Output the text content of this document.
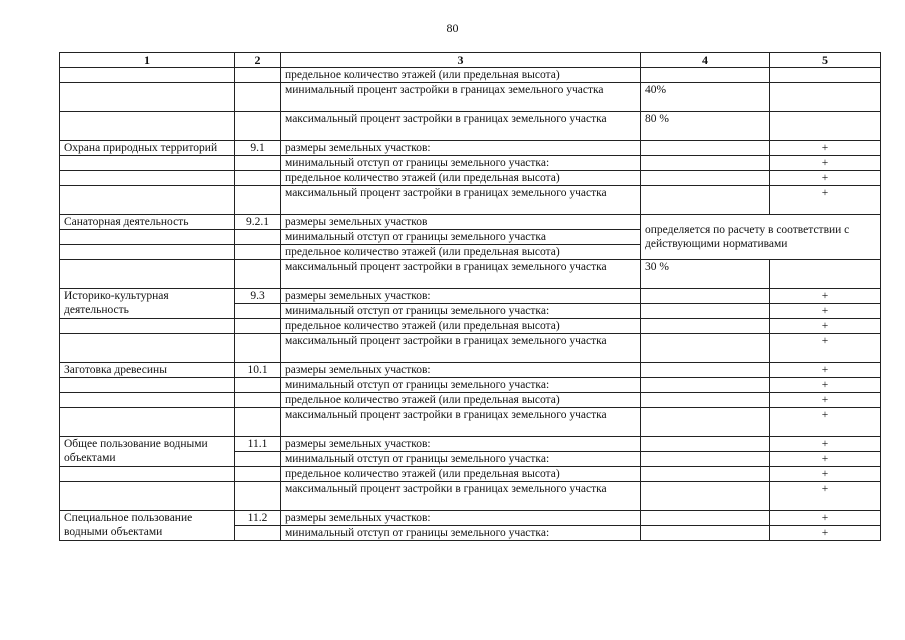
80
1	2	3	4	5
		предельное количество этажей (или предельная высота)		
		минимальный процент застройки в границах земельного участка	40%	
		максимальный процент застройки в границах земельного участка	80 %	
Охрана природных территорий	9.1	размеры земельных участков:		+
		минимальный отступ от границы земельного участка:		+
		предельное количество этажей (или предельная высота)		+
		максимальный процент застройки в границах земельного участка		+
Санаторная деятельность	9.2.1	размеры земельных участков	определяется по расчету в соответствии с действующими нормативами	
		минимальный отступ от границы земельного участка		
		предельное количество этажей (или предельная высота)		
		максимальный процент застройки в границах земельного участка	30 %	
Историко-культурная деятельность	9.3	размеры земельных участков:		+
		минимальный отступ от границы земельного участка:		+
		предельное количество этажей (или предельная высота)		+
		максимальный процент застройки в границах земельного участка		+
Заготовка древесины	10.1	размеры земельных участков:		+
		минимальный отступ от границы земельного участка:		+
		предельное количество этажей (или предельная высота)		+
		максимальный процент застройки в границах земельного участка		+
Общее пользование водными объектами	11.1	размеры земельных участков:		+
		минимальный отступ от границы земельного участка:		+
		предельное количество этажей (или предельная высота)		+
		максимальный процент застройки в границах земельного участка		+
Специальное пользование водными объектами	11.2	размеры земельных участков:		+
		минимальный отступ от границы земельного участка:		+
